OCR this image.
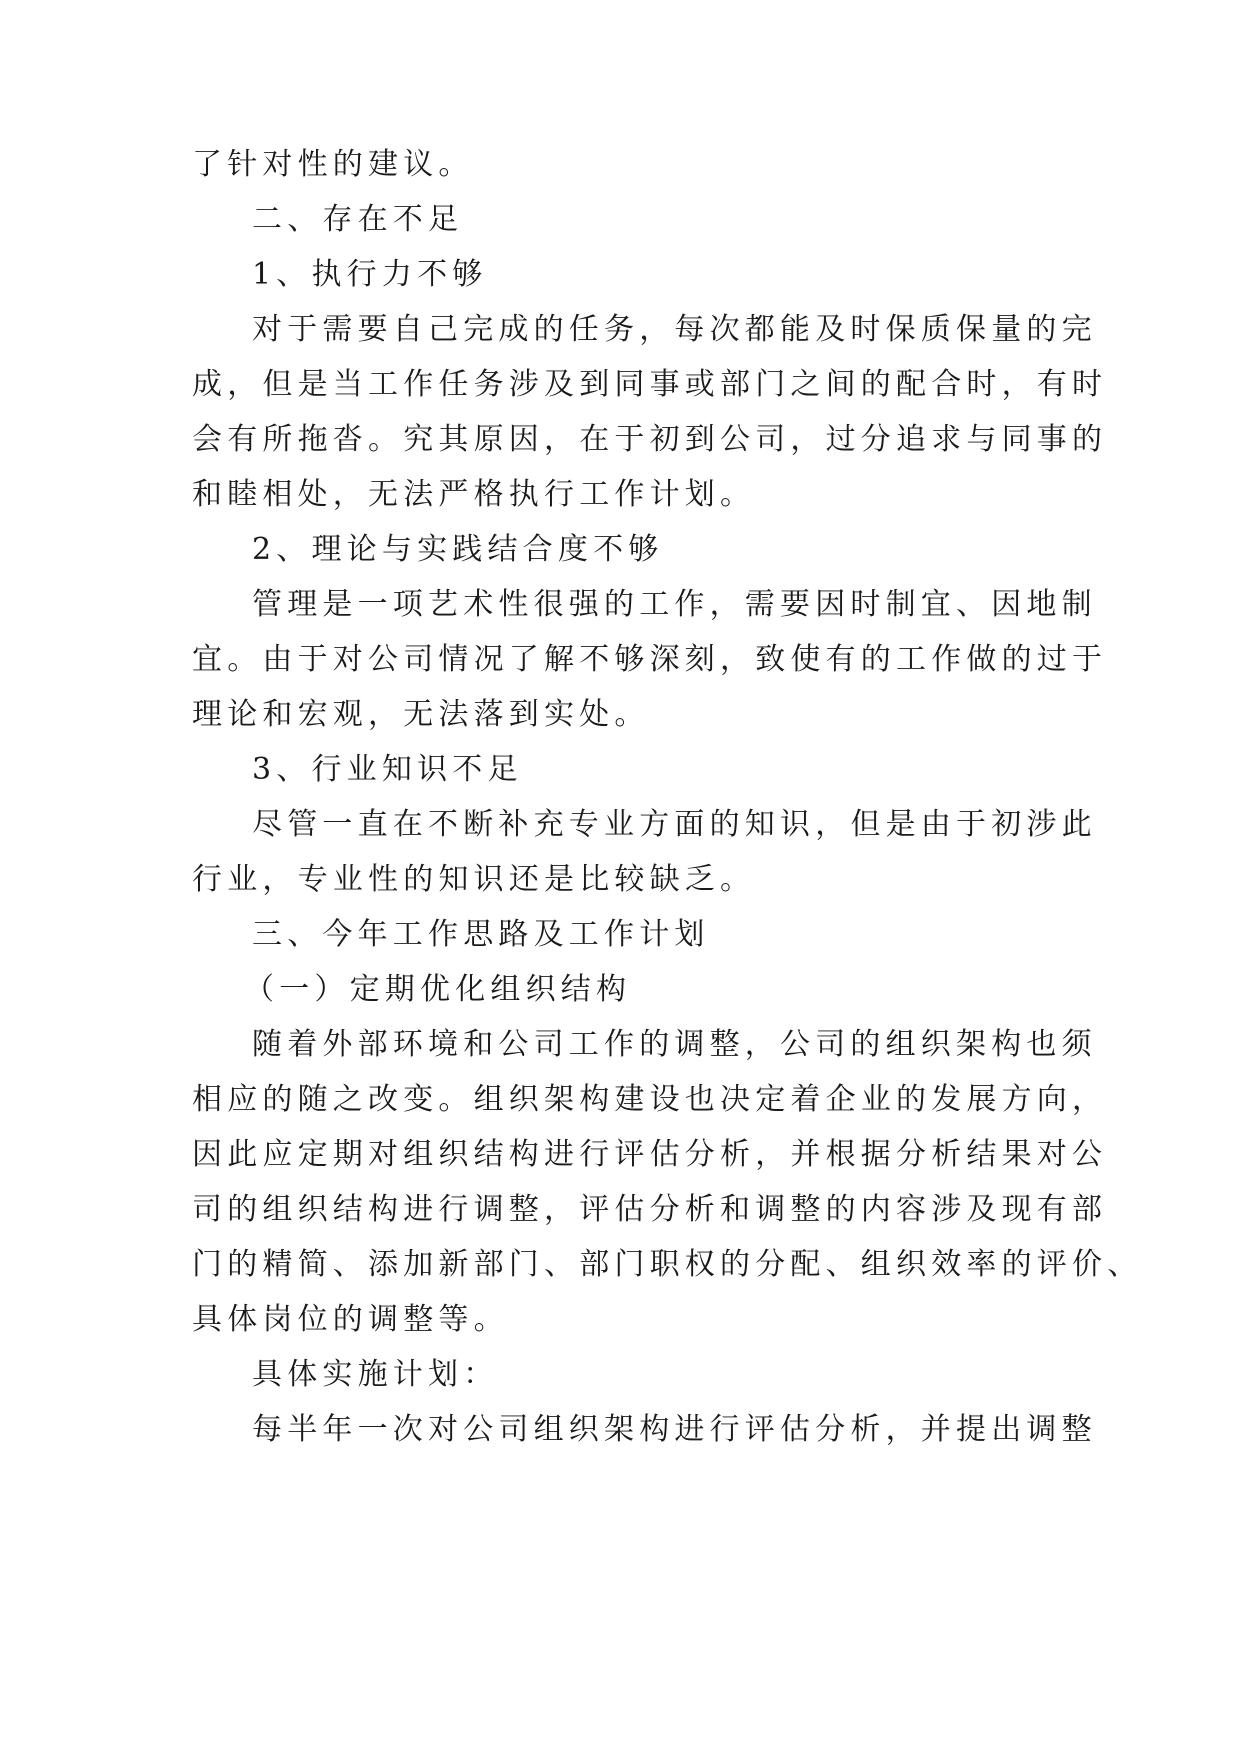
了针对性的建议。

二、存在不足

1、执行力不够

对于需要自己完成的任务，每次都能及时保质保量的完

成，但是当工作任务涉及到同事或部门之间的配合时，有时

会有所拖沓。究其原因，在于初到公司，过分追求与同事的

和睦相处，无法严格执行工作计划。

2、理论与实践结合度不够

管理是一项艺术性很强的工作，需要因时制宜、因地制

宜。由于对公司情况了解不够深刻，致使有的工作做的过于

理论和宏观，无法落到实处。

3、行业知识不足

尽管一直在不断补充专业方面的知识，但是由于初涉此

行业，专业性的知识还是比较缺乏。

三、今年工作思路及工作计划

（一）定期优化组织结构

随着外部环境和公司工作的调整，公司的组织架构也须

相应的随之改变。组织架构建设也决定着企业的发展方向，

因此应定期对组织结构进行评估分析，并根据分析结果对公

司的组织结构进行调整，评估分析和调整的内容涉及现有部

门的精简、添加新部门、部门职权的分配、组织效率的评价、

具体岗位的调整等。

具体实施计划：

每半年一次对公司组织架构进行评估分析，并提出调整
